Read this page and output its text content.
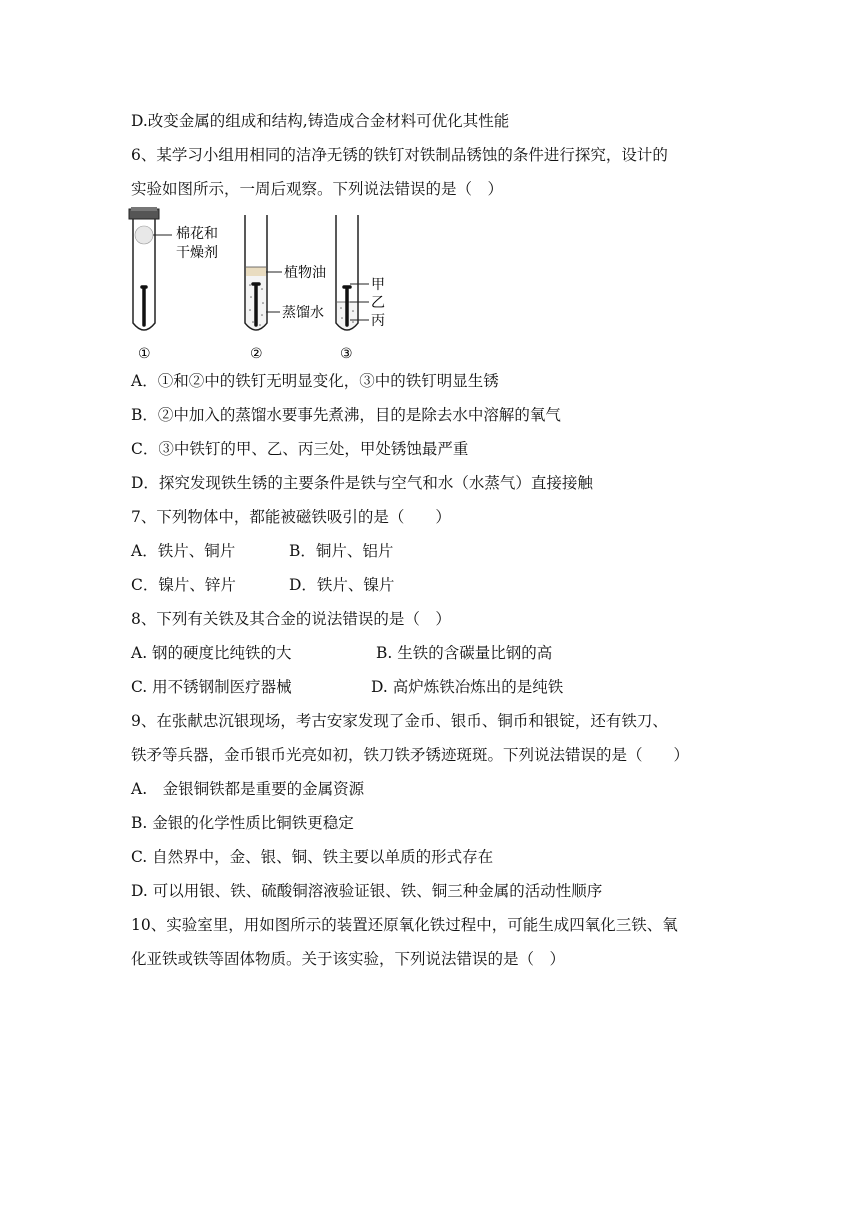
D.改变金属的组成和结构,铸造成合金材料可优化其性能
6、某学习小组用相同的洁净无锈的铁钉对铁制品锈蚀的条件进行探究，设计的
实验如图所示，一周后观察。下列说法错误的是（　）
棉花和
干燥剂
①
植物油
蒸馏水
②
甲
乙
丙
③
A．①和②中的铁钉无明显变化，③中的铁钉明显生锈
B．②中加入的蒸馏水要事先煮沸，目的是除去水中溶解的氧气
C．③中铁钉的甲、乙、丙三处，甲处锈蚀最严重
D．探究发现铁生锈的主要条件是铁与空气和水（水蒸气）直接接触
7、下列物体中，都能被磁铁吸引的是（　　）
A．铁片、铜片	B．铜片、铝片
C．镍片、锌片	D．铁片、镍片
8、下列有关铁及其合金的说法错误的是（　）
A. 钢的硬度比纯铁的大	B. 生铁的含碳量比钢的高
C. 用不锈钢制医疗器械	D. 高炉炼铁冶炼出的是纯铁
9、在张献忠沉银现场，考古安家发现了金币、银币、铜币和银锭，还有铁刀、
铁矛等兵器，金币银币光亮如初，铁刀铁矛锈迹斑斑。下列说法错误的是（　　）
A.　金银铜铁都是重要的金属资源
B. 金银的化学性质比铜铁更稳定
C. 自然界中，金、银、铜、铁主要以单质的形式存在
D. 可以用银、铁、硫酸铜溶液验证银、铁、铜三种金属的活动性顺序
10、实验室里，用如图所示的装置还原氧化铁过程中，可能生成四氧化三铁、氧
化亚铁或铁等固体物质。关于该实验，下列说法错误的是（　）
